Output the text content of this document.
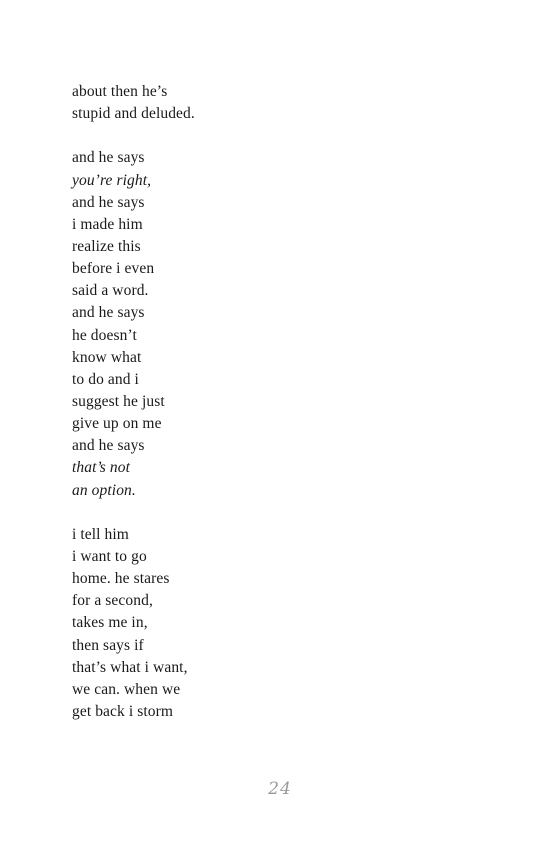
about then he’s
stupid and deluded.
and he says
you’re right,
and he says
i made him
realize this
before i even
said a word.
and he says
he doesn’t
know what
to do and i
suggest he just
give up on me
and he says
that’s not
an option.
i tell him
i want to go
home. he stares
for a second,
takes me in,
then says if
that’s what i want,
we can. when we
get back i storm
24
